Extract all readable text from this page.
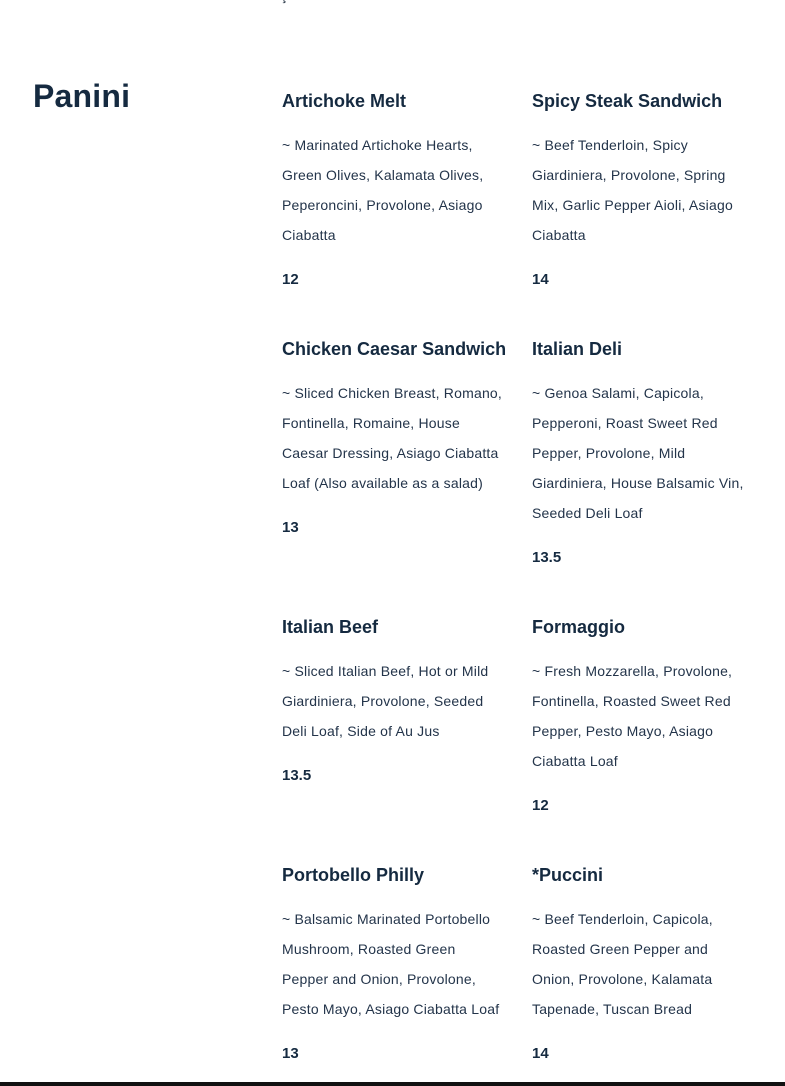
Panini	Artichoke Melt

~ Marinated Artichoke Hearts, Green Olives, Kalamata Olives, Peperoncini, Provolone, Asiago Ciabatta

12

Spicy Steak Sandwich

~ Beef Tenderloin, Spicy Giardiniera, Provolone, Spring Mix, Garlic Pepper Aioli, Asiago Ciabatta

14

Chicken Caesar Sandwich

~ Sliced Chicken Breast, Romano, Fontinella, Romaine, House Caesar Dressing, Asiago Ciabatta Loaf (Also available as a salad)

13

Italian Deli

~ Genoa Salami, Capicola, Pepperoni, Roast Sweet Red Pepper, Provolone, Mild Giardiniera, House Balsamic Vin, Seeded Deli Loaf

13.5

Italian Beef

~ Sliced Italian Beef, Hot or Mild Giardiniera, Provolone, Seeded Deli Loaf, Side of Au Jus

13.5

Formaggio

~ Fresh Mozzarella, Provolone, Fontinella, Roasted Sweet Red Pepper, Pesto Mayo, Asiago Ciabatta Loaf

12

Portobello Philly

~ Balsamic Marinated Portobello Mushroom, Roasted Green Pepper and Onion, Provolone, Pesto Mayo, Asiago Ciabatta Loaf

13

*Puccini

~ Beef Tenderloin, Capicola, Roasted Green Pepper and Onion, Provolone, Kalamata Tapenade, Tuscan Bread

14
